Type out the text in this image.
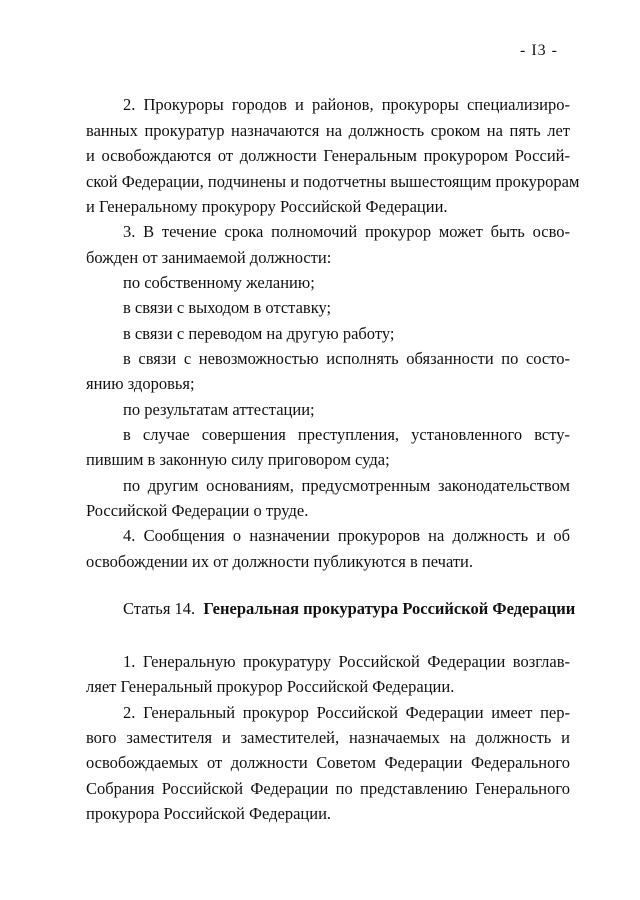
- I3 -
2. Прокуроры городов и районов, прокуроры специализиро-
ванных прокуратур назначаются на должность сроком на пять лет
и освобождаются от должности Генеральным прокурором Россий-
ской Федерации, подчинены и подотчетны вышестоящим прокурорам
и Генеральному прокурору Российской Федерации.
3. В течение срока полномочий прокурор может быть осво-
божден от занимаемой должности:
по собственному желанию;
в связи с выходом в отставку;
в связи с переводом на другую работу;
в связи с невозможностью исполнять обязанности по состо-
янию здоровья;
по результатам аттестации;
в случае совершения преступления, установленного всту-
пившим в законную силу приговором суда;
по другим основаниям, предусмотренным законодательством
Российской Федерации о труде.
4. Сообщения о назначении прокуроров на должность и об
освобождении их от должности публикуются в печати.
Статья 14. Генеральная прокуратура Российской Федерации
1. Генеральную прокуратуру Российской Федерации возглав-
ляет Генеральный прокурор Российской Федерации.
2. Генеральный прокурор Российской Федерации имеет пер-
вого заместителя и заместителей, назначаемых на должность и
освобождаемых от должности Советом Федерации Федерального
Собрания Российской Федерации по представлению Генерального
прокурора Российской Федерации.
